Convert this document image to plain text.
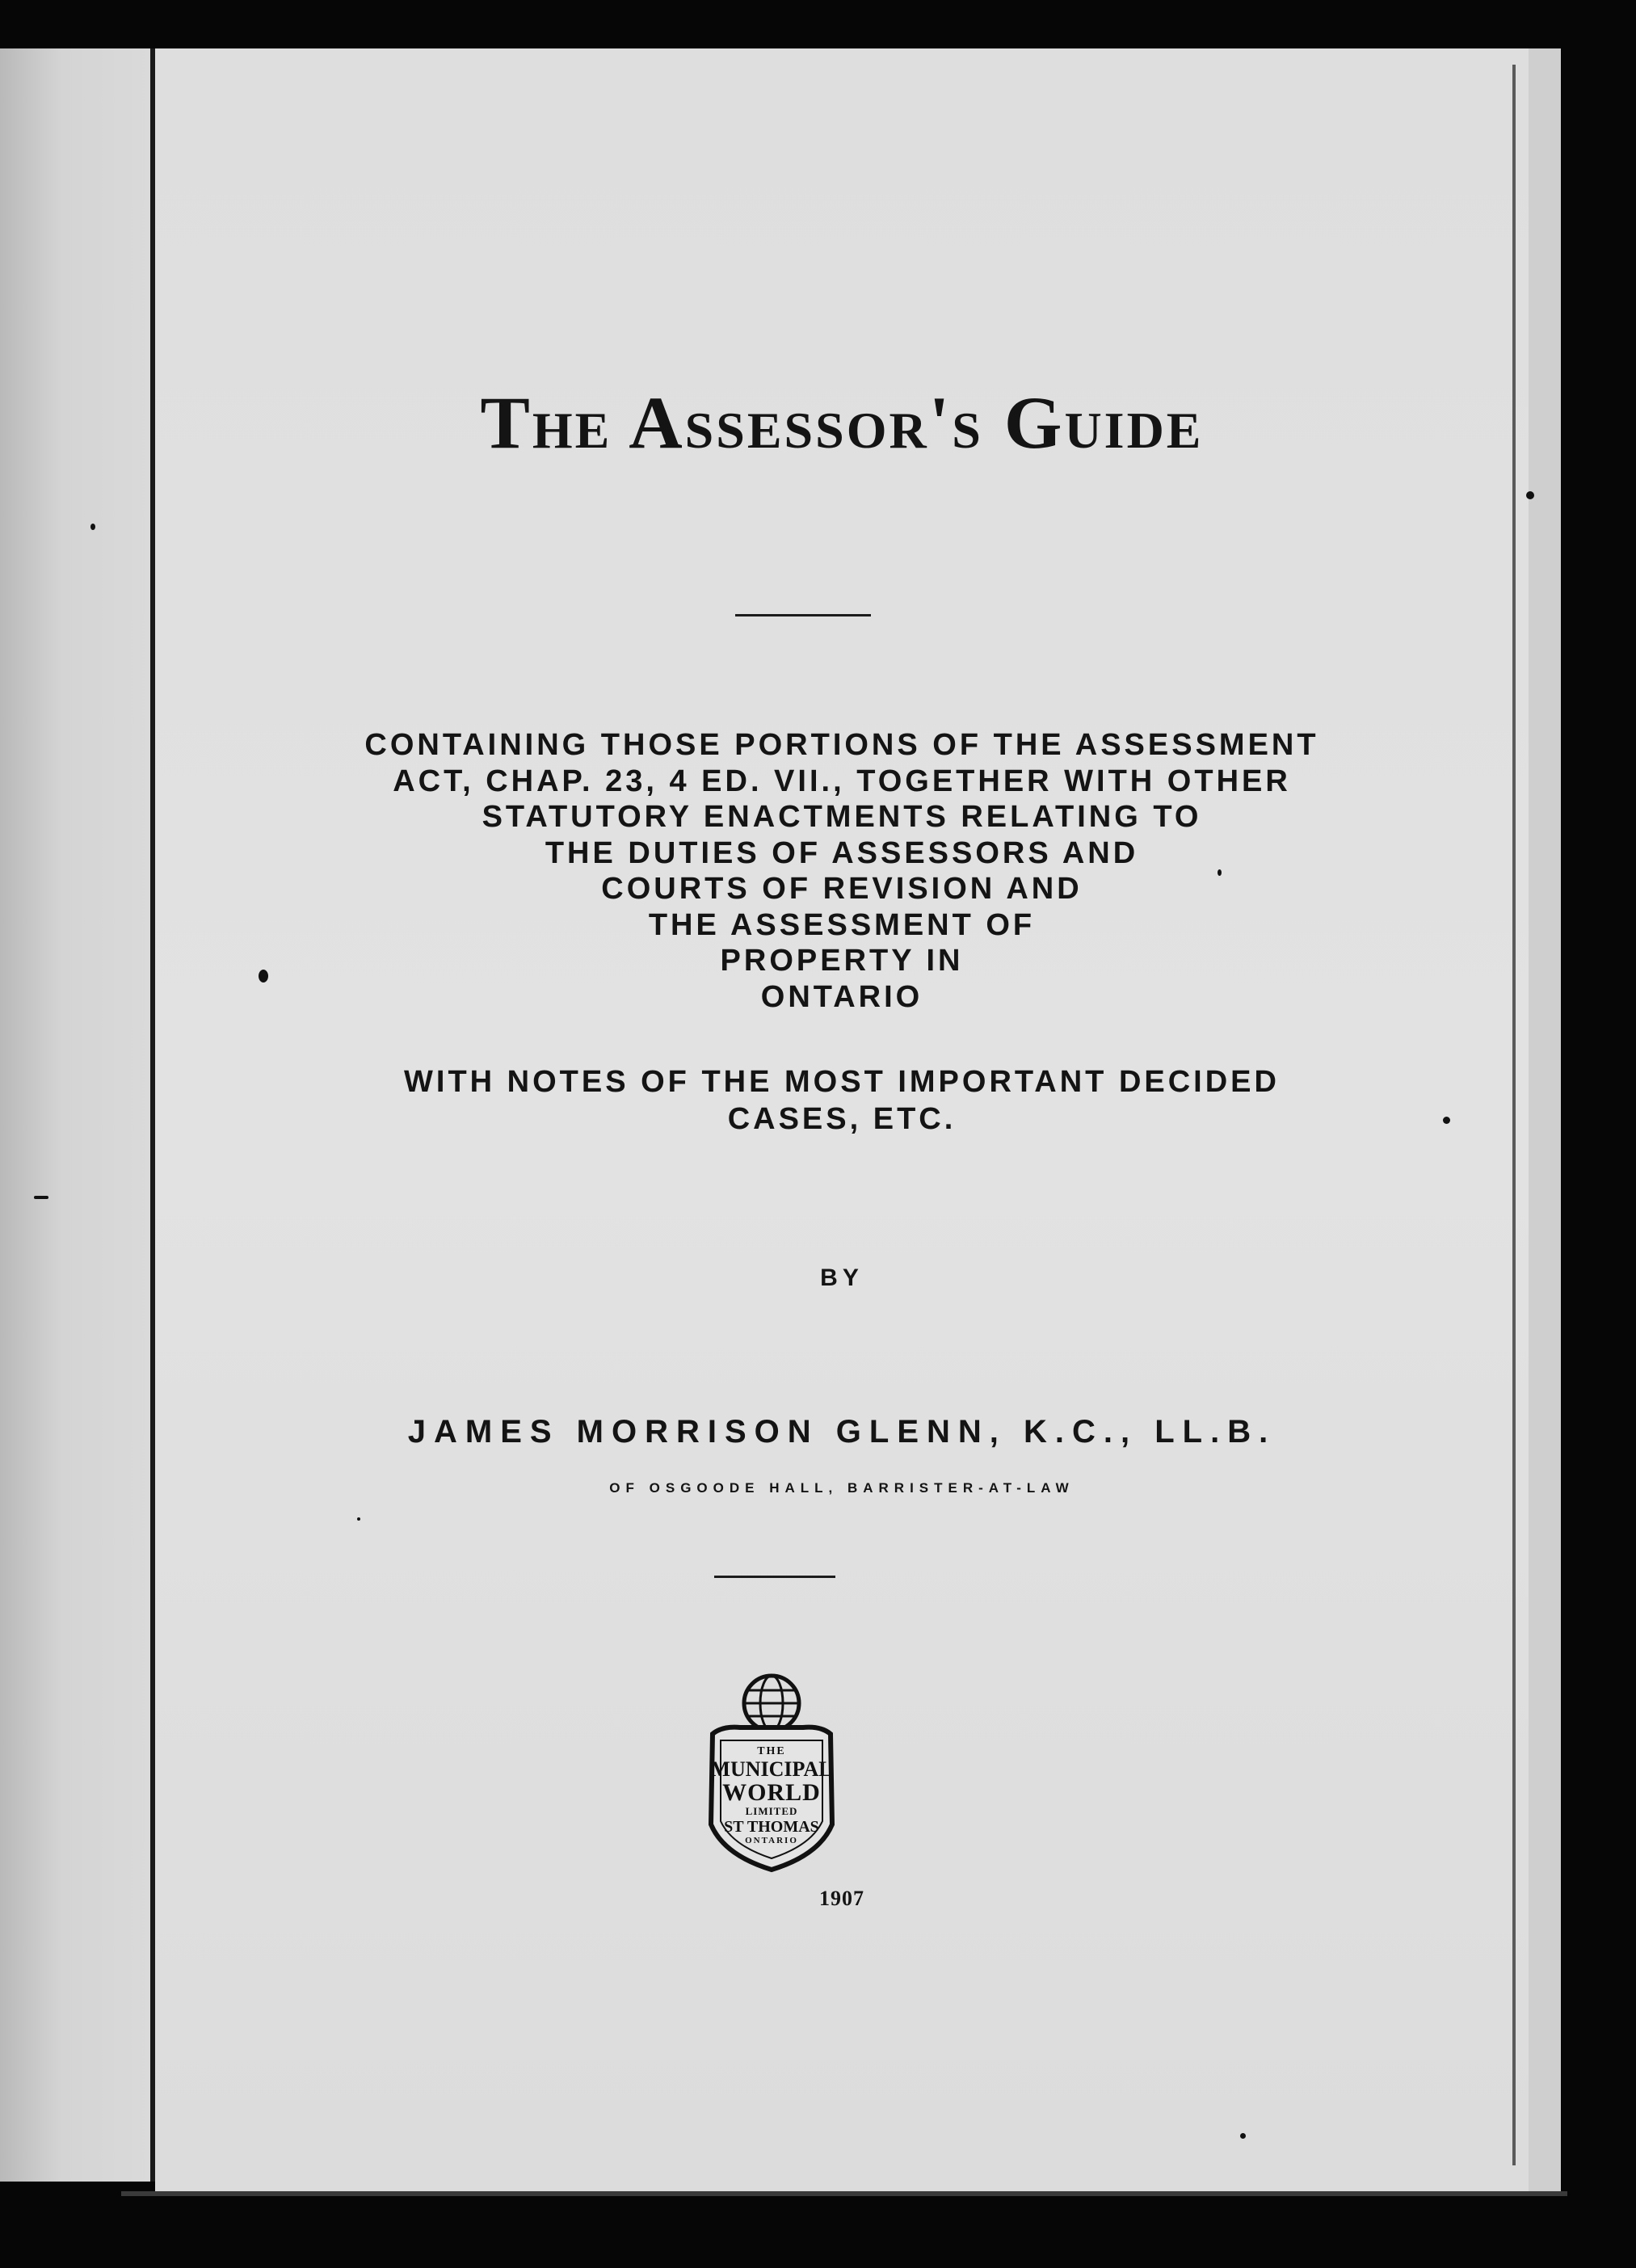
The Assessor's Guide
CONTAINING THOSE PORTIONS OF THE ASSESSMENT
ACT, CHAP. 23, 4 ED. VII., TOGETHER WITH OTHER
STATUTORY ENACTMENTS RELATING TO
THE DUTIES OF ASSESSORS AND
COURTS OF REVISION AND
THE ASSESSMENT OF
PROPERTY IN
ONTARIO
WITH NOTES OF THE MOST IMPORTANT DECIDED
CASES, ETC.
BY
JAMES MORRISON GLENN, K.C., LL.B.
OF OSGOODE HALL, BARRISTER-AT-LAW
THE
MUNICIPAL
WORLD
LIMITED
ST THOMAS
ONTARIO
1907
